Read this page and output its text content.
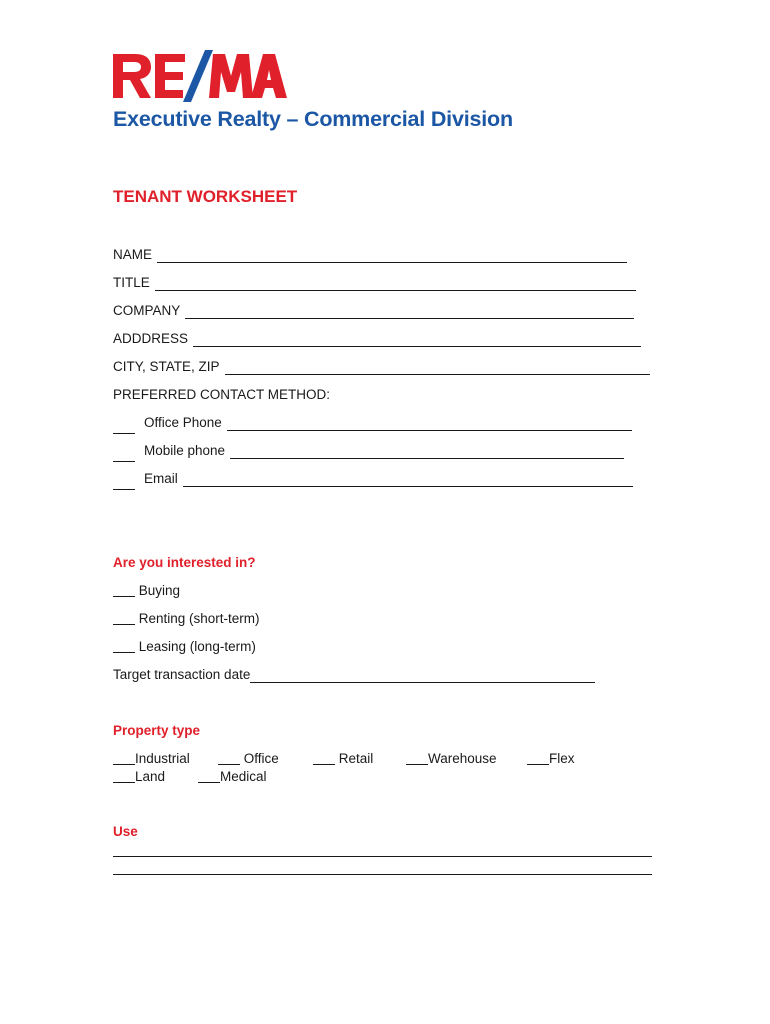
Executive Realty – Commercial Division
TENANT WORKSHEET
NAME
TITLE
COMPANY
ADDDRESS
CITY, STATE, ZIP
PREFERRED CONTACT METHOD:
Office Phone
Mobile phone
Email
Are you interested in?
Buying
Renting (short-term)
Leasing (long-term)
Target transaction date
Property type
Industrial	Office	Retail	Warehouse	Flex
Land	Medical
Use
